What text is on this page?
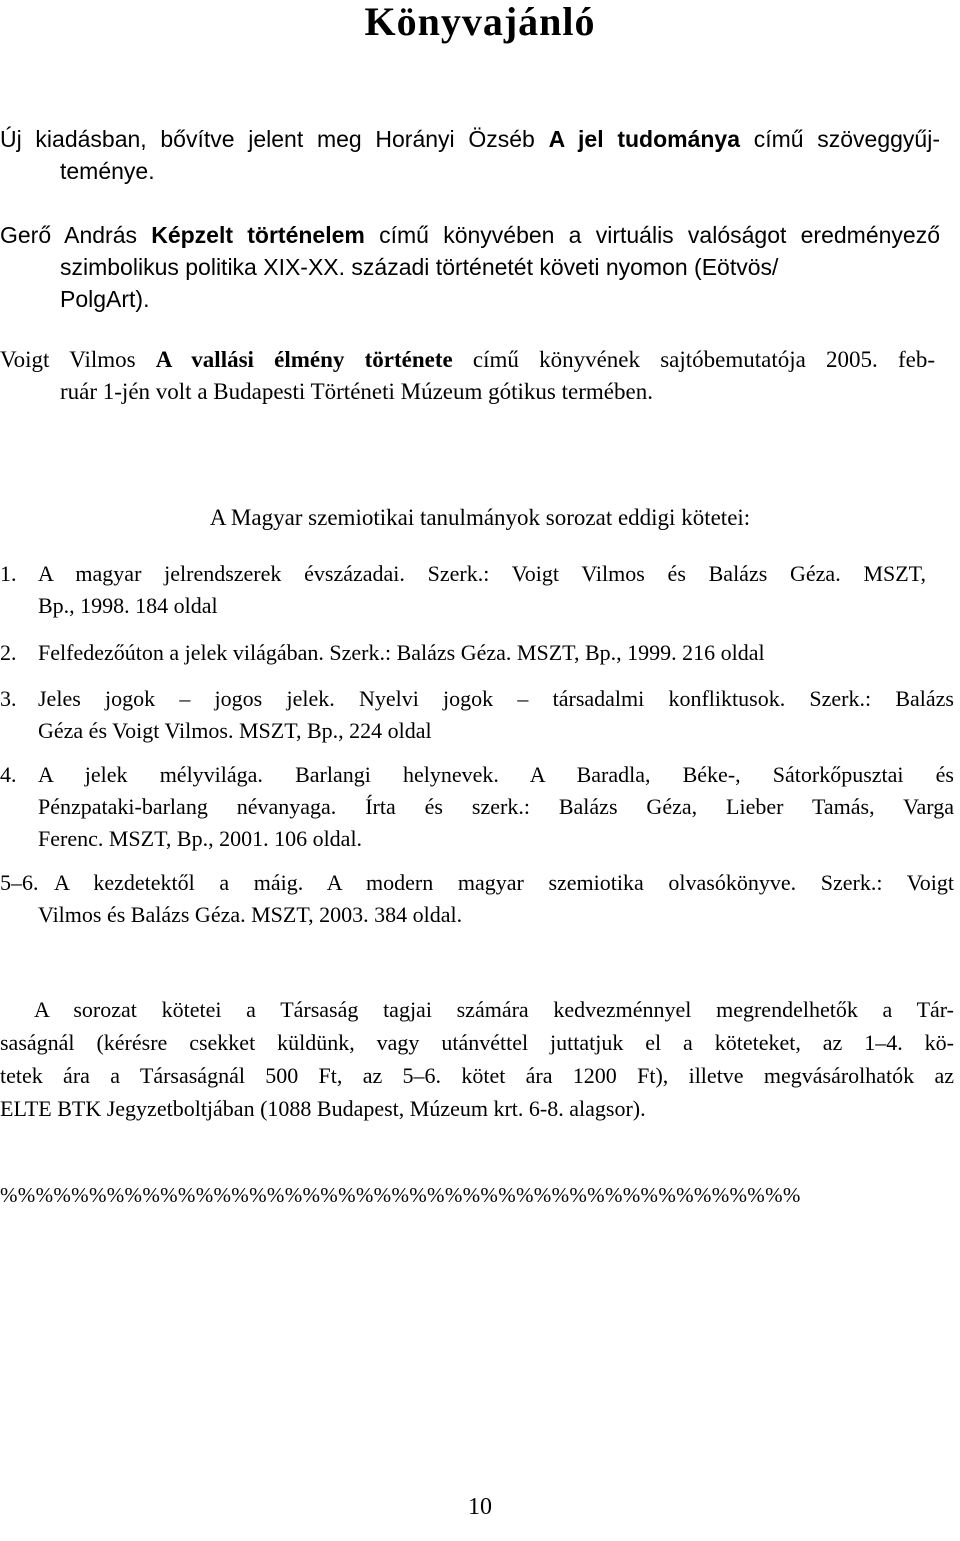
Könyvajánló
Új kiadásban, bővítve jelent meg Horányi Özséb A jel tudománya című szöveggyűj-
teménye.
Gerő András Képzelt történelem című könyvében a virtuális valóságot eredményező
szimbolikus politika XIX-XX. századi történetét követi nyomon (Eötvös/
PolgArt).
Voigt Vilmos A vallási élmény története című könyvének sajtóbemutatója 2005. feb-
ruár 1-jén volt a Budapesti Történeti Múzeum gótikus termében.
A Magyar szemiotikai tanulmányok sorozat eddigi kötetei:
1. A magyar jelrendszerek évszázadai. Szerk.: Voigt Vilmos és Balázs Géza. MSZT,
Bp., 1998. 184 oldal
2. Felfedezőúton a jelek világában. Szerk.: Balázs Géza. MSZT, Bp., 1999. 216 oldal
3. Jeles jogok – jogos jelek. Nyelvi jogok – társadalmi konfliktusok. Szerk.: Balázs
Géza és Voigt Vilmos. MSZT, Bp., 224 oldal
4. A jelek mélyvilága. Barlangi helynevek. A Baradla, Béke-, Sátorkőpusztai és
Pénzpataki-barlang névanyaga. Írta és szerk.: Balázs Géza, Lieber Tamás, Varga
Ferenc. MSZT, Bp., 2001. 106 oldal.
5–6. A kezdetektől a máig. A modern magyar szemiotika olvasókönyve. Szerk.: Voigt
Vilmos és Balázs Géza. MSZT, 2003. 384 oldal.
A sorozat kötetei a Társaság tagjai számára kedvezménnyel megrendelhetők a Tár-
saságnál (kérésre csekket küldünk, vagy utánvéttel juttatjuk el a köteteket, az 1–4. kö-
tetek ára a Társaságnál 500 Ft, az 5–6. kötet ára 1200 Ft), illetve megvásárolhatók az
ELTE BTK Jegyzetboltjában (1088 Budapest, Múzeum krt. 6-8. alagsor).
%%%%%%%%%%%%%%%%%%%%%%%%%%%%%%%%%%%%%%%%%%%%%
10
